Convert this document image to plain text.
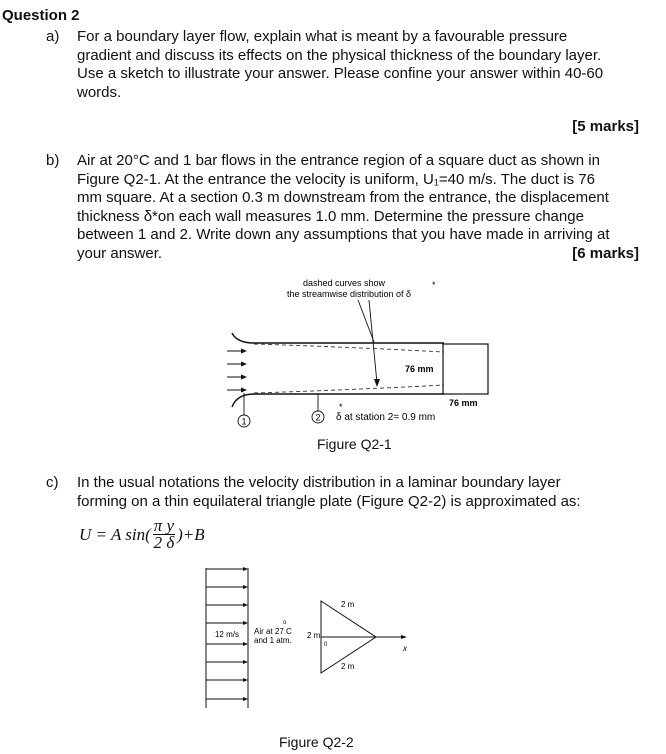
Question 2
a) For a boundary layer flow, explain what is meant by a favourable pressure
gradient and discuss its effects on the physical thickness of the boundary layer.
Use a sketch to illustrate your answer. Please confine your answer within 40-60
words.
[5 marks]
b) Air at 20°C and 1 bar flows in the entrance region of a square duct as shown in
Figure Q2-1. At the entrance the velocity is uniform, U₁=40 m/s. The duct is 76
mm square. At a section 0.3 m downstream from the entrance, the displacement
thickness δ*on each wall measures 1.0 mm. Determine the pressure change
between 1 and 2. Write down any assumptions that you have made in arriving at
your answer.	[6 marks]
dashed curves show
the streamwise distribution of δ
*
76 mm
76 mm
1	2
*
δ at station 2= 0.9 mm
Figure Q2-1
c) In the usual notations the velocity distribution in a laminar boundary layer
forming on a thin equilateral triangle plate (Figure Q2-2) is approximated as:
U = A $\sin( \frac{\text{π y}}{2 \delta} )+B$
12 m/s Air at 27 C
o
and 1 atm.
x
2 m
2 m
2 m
0
Figure Q2-2
